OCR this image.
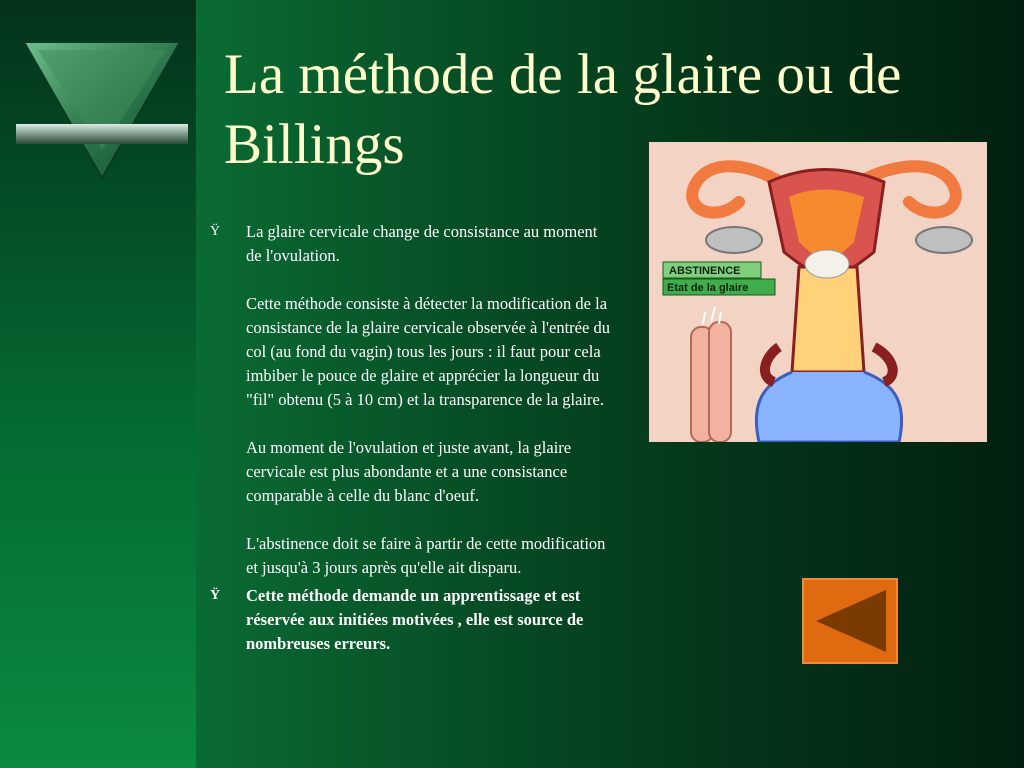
La méthode de la glaire ou de
Billings
ABSTINENCE
Etat de la glaire
Ÿ La glaire cervicale change de consistance au moment de l'ovulation.

Cette méthode consiste à détecter la modification de la consistance de la glaire cervicale observée à l'entrée du col (au fond du vagin) tous les jours : il faut pour cela imbiber le pouce de glaire et apprécier la longueur du "fil" obtenu (5 à 10 cm) et la transparence de la glaire.

Au moment de l'ovulation et juste avant, la glaire cervicale est plus abondante et a une consistance comparable à celle du blanc d'oeuf.

L'abstinence doit se faire à partir de cette modification et jusqu'à 3 jours après qu'elle ait disparu.

Ÿ Cette méthode demande un apprentissage et est réservée aux initiées motivées , elle est source de nombreuses erreurs.
